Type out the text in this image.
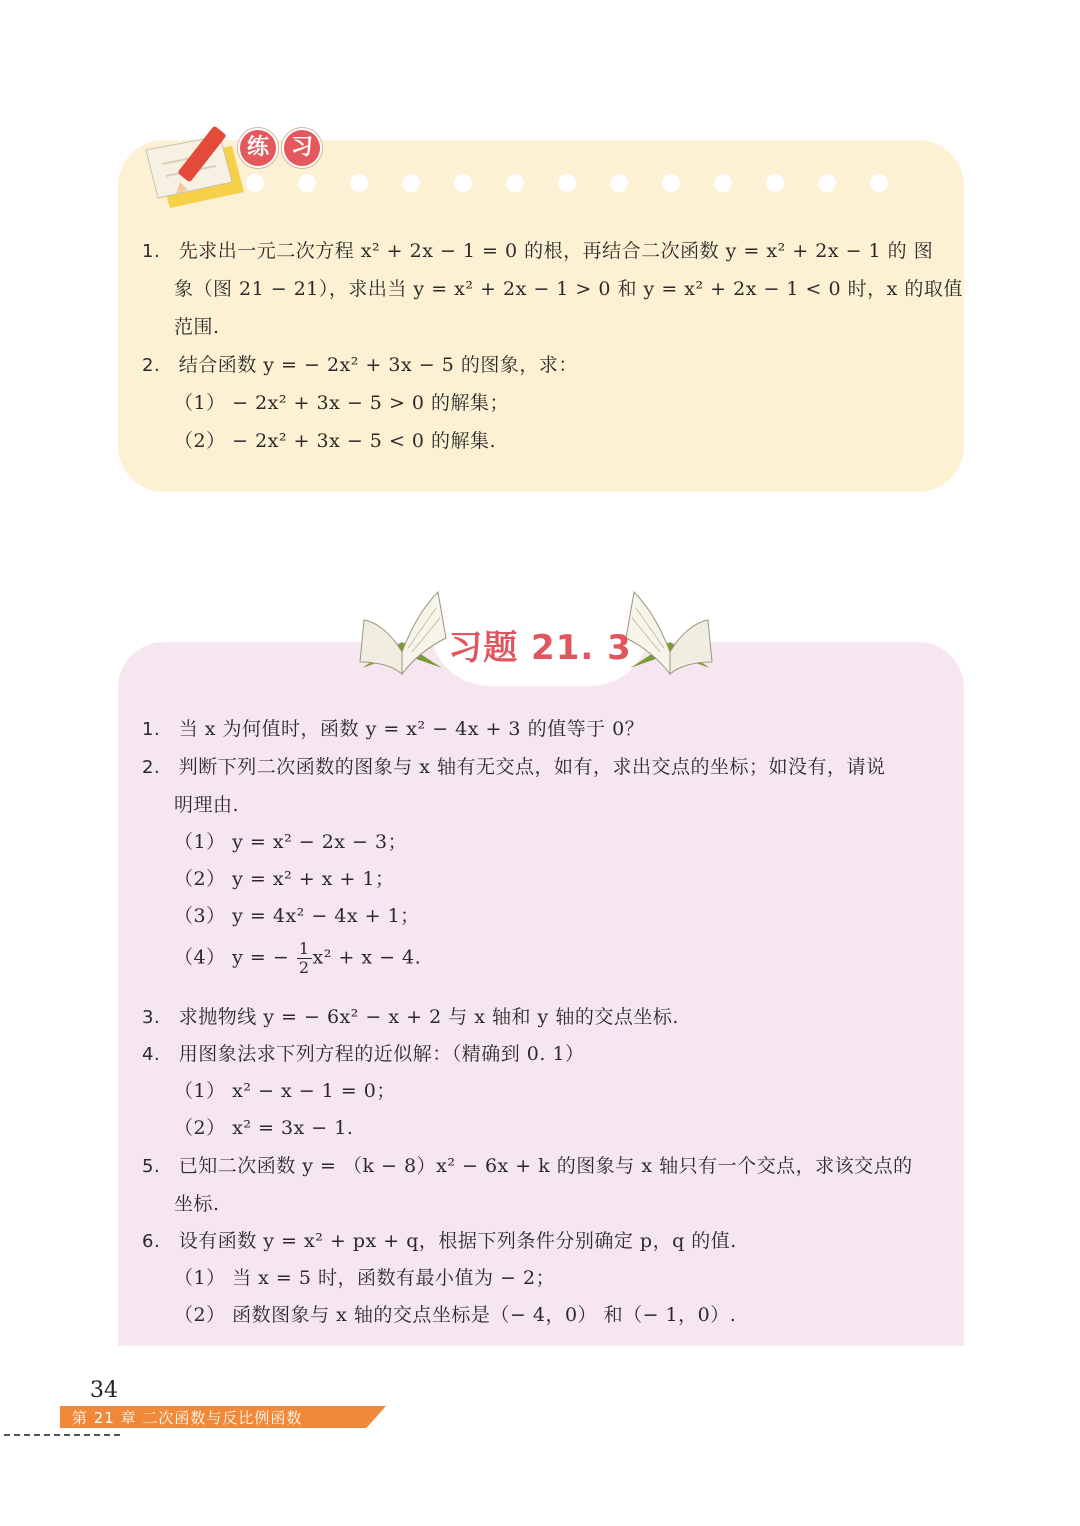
练 习
1. 先求出一元二次方程 x² + 2x − 1 = 0 的根，再结合二次函数 y = x² + 2x − 1 的 图
象（图 21 − 21），求出当 y = x² + 2x − 1 > 0 和 y = x² + 2x − 1 < 0 时，x 的取值
范围.
2. 结合函数 y = − 2x² + 3x − 5 的图象，求：
（1） − 2x² + 3x − 5 > 0 的解集；
（2） − 2x² + 3x − 5 < 0 的解集.
习题 21. 3
1. 当 x 为何值时，函数 y = x² − 4x + 3 的值等于 0？
2. 判断下列二次函数的图象与 x 轴有无交点，如有，求出交点的坐标；如没有，请说
明理由.
（1） y = x² − 2x − 3；
（2） y = x² + x + 1；
（3） y = 4x² − 4x + 1；
（4） y = − $\frac{1}{2} x^2 + x - 4$.
3. 求抛物线 y = − 6x² − x + 2 与 x 轴和 y 轴的交点坐标.
4. 用图象法求下列方程的近似解：（精确到 0. 1）
（1） x² − x − 1 = 0；
（2） x² = 3x − 1.
5. 已知二次函数 y = （k − 8）x² − 6x + k 的图象与 x 轴只有一个交点，求该交点的
坐标.
6. 设有函数 y = x² + px + q，根据下列条件分别确定 p，q 的值.
（1） 当 x = 5 时，函数有最小值为 − 2；
（2） 函数图象与 x 轴的交点坐标是（− 4，0） 和（− 1，0）.
34
第 21 章 二次函数与反比例函数
